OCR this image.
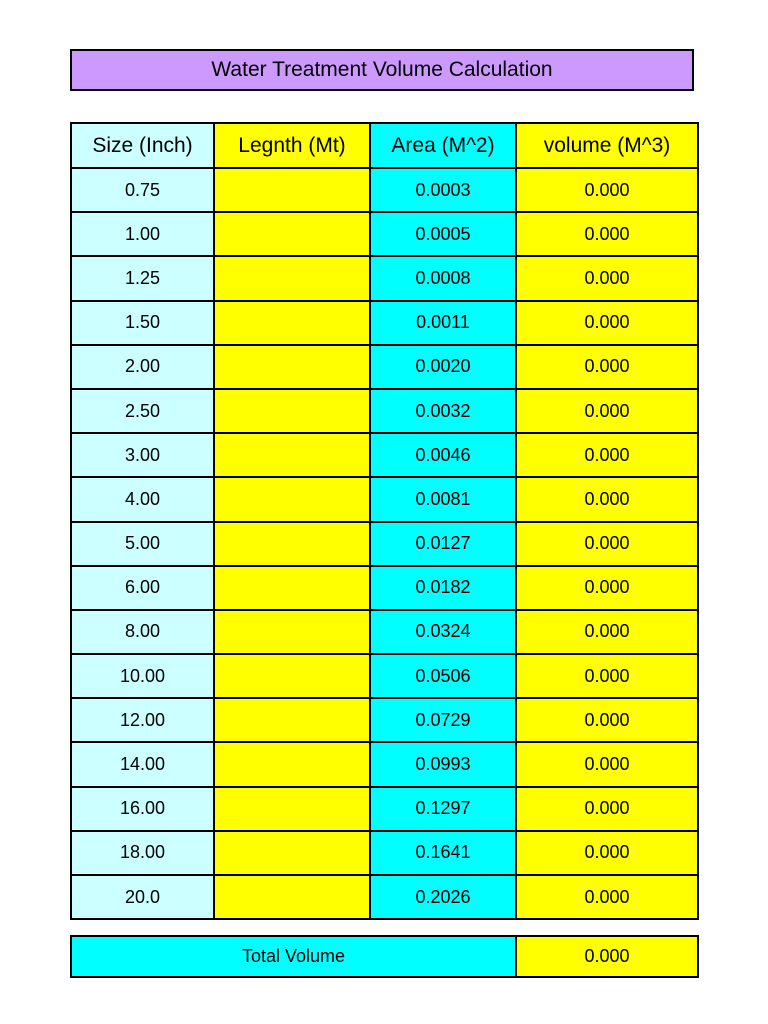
Water Treatment Volume Calculation
Size (Inch)	Legnth (Mt)	Area (M^2)	volume (M^3)
0.75		0.0003	0.000
1.00		0.0005	0.000
1.25		0.0008	0.000
1.50		0.0011	0.000
2.00		0.0020	0.000
2.50		0.0032	0.000
3.00		0.0046	0.000
4.00		0.0081	0.000
5.00		0.0127	0.000
6.00		0.0182	0.000
8.00		0.0324	0.000
10.00		0.0506	0.000
12.00		0.0729	0.000
14.00		0.0993	0.000
16.00		0.1297	0.000
18.00		0.1641	0.000
20.0		0.2026	0.000
Total Volume	0.000
